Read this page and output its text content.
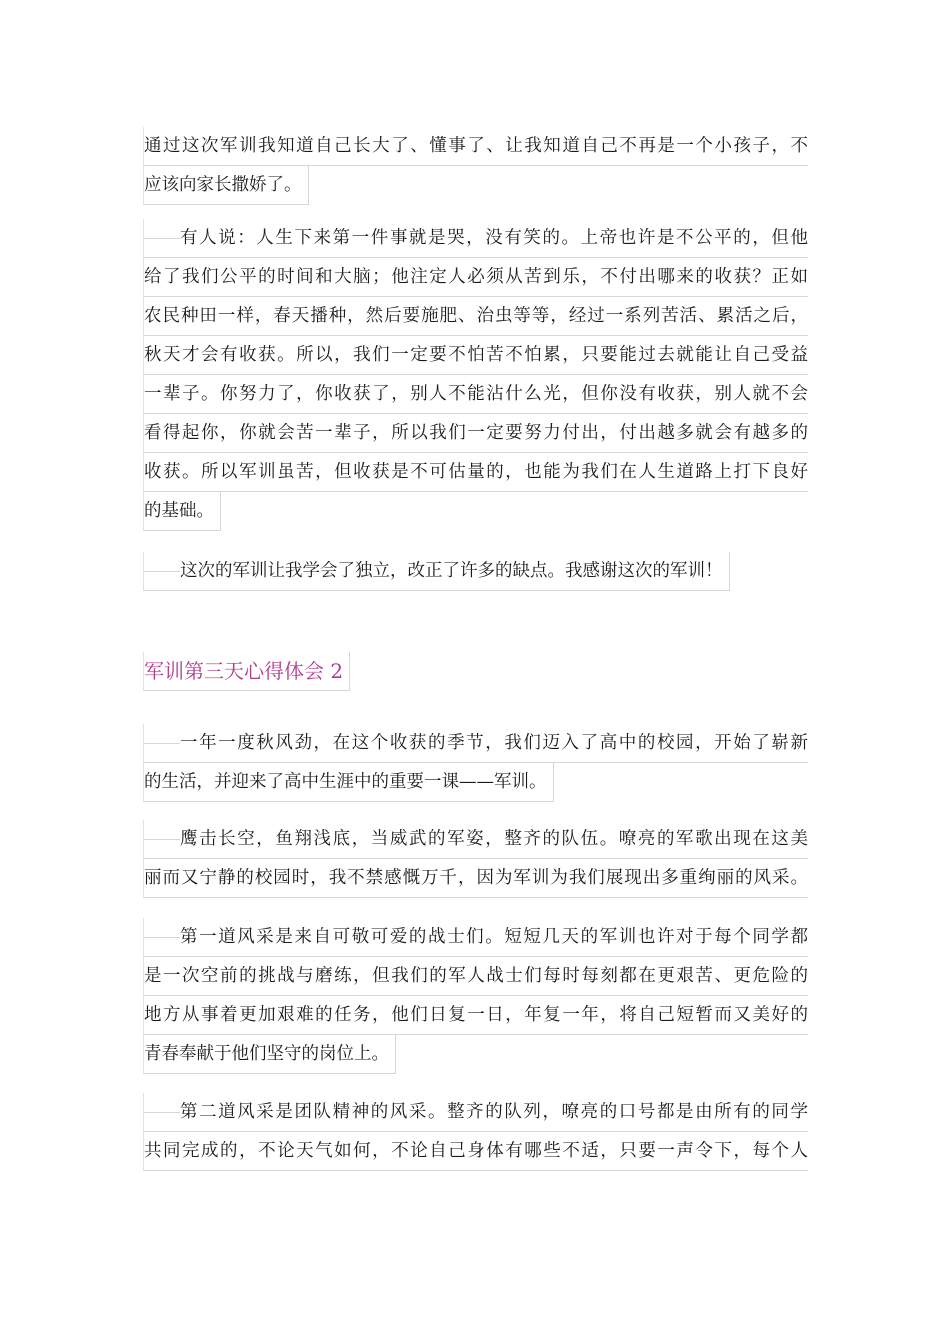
通过这次军训我知道自己长大了、懂事了、让我知道自己不再是一个小孩子，不
应该向家长撒娇了。
有人说：人生下来第一件事就是哭，没有笑的。上帝也许是不公平的，但他
给了我们公平的时间和大脑；他注定人必须从苦到乐，不付出哪来的收获？正如
农民种田一样，春天播种，然后要施肥、治虫等等，经过一系列苦活、累活之后，
秋天才会有收获。所以，我们一定要不怕苦不怕累，只要能过去就能让自己受益
一辈子。你努力了，你收获了，别人不能沾什么光，但你没有收获，别人就不会
看得起你，你就会苦一辈子，所以我们一定要努力付出，付出越多就会有越多的
收获。所以军训虽苦，但收获是不可估量的，也能为我们在人生道路上打下良好
的基础。
这次的军训让我学会了独立，改正了许多的缺点。我感谢这次的军训！
军训第三天心得体会 2
一年一度秋风劲，在这个收获的季节，我们迈入了高中的校园，开始了崭新
的生活，并迎来了高中生涯中的重要一课——军训。
鹰击长空，鱼翔浅底，当威武的军姿，整齐的队伍。嘹亮的军歌出现在这美
丽而又宁静的校园时，我不禁感慨万千，因为军训为我们展现出多重绚丽的风采。
第一道风采是来自可敬可爱的战士们。短短几天的军训也许对于每个同学都
是一次空前的挑战与磨练，但我们的军人战士们每时每刻都在更艰苦、更危险的
地方从事着更加艰难的任务，他们日复一日，年复一年，将自己短暂而又美好的
青春奉献于他们坚守的岗位上。
第二道风采是团队精神的风采。整齐的队列，嘹亮的口号都是由所有的同学
共同完成的，不论天气如何，不论自己身体有哪些不适，只要一声令下，每个人
